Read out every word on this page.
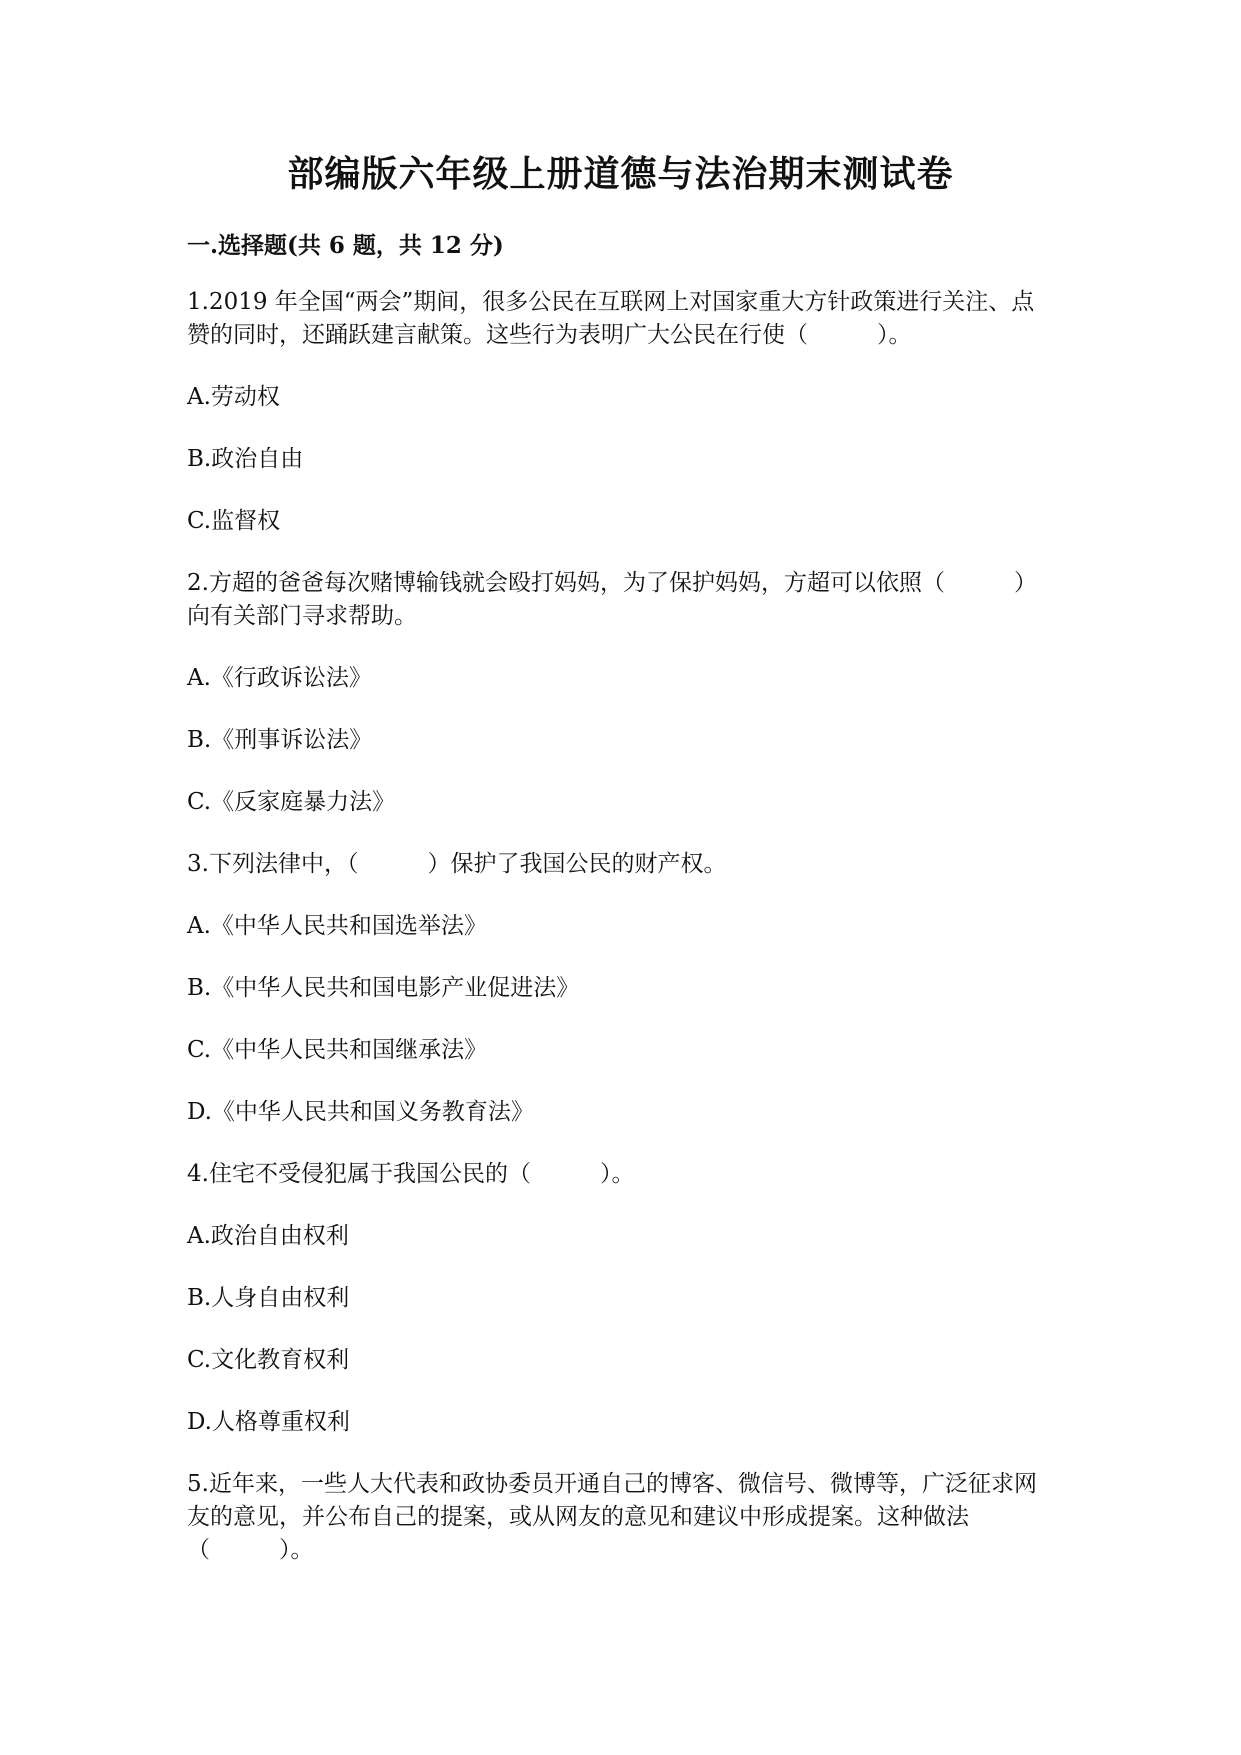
部编版六年级上册道德与法治期末测试卷
一.选择题(共 6 题，共 12 分)
1.2019 年全国“两会”期间，很多公民在互联网上对国家重大方针政策进行关注、点赞的同时，还踊跃建言献策。这些行为表明广大公民在行使（　　　）。
A.劳动权
B.政治自由
C.监督权
2.方超的爸爸每次赌博输钱就会殴打妈妈，为了保护妈妈，方超可以依照（　　　）向有关部门寻求帮助。
A.《行政诉讼法》
B.《刑事诉讼法》
C.《反家庭暴力法》
3.下列法律中，（　　　）保护了我国公民的财产权。
A.《中华人民共和国选举法》
B.《中华人民共和国电影产业促进法》
C.《中华人民共和国继承法》
D.《中华人民共和国义务教育法》
4.住宅不受侵犯属于我国公民的（　　　）。
A.政治自由权利
B.人身自由权利
C.文化教育权利
D.人格尊重权利
5.近年来，一些人大代表和政协委员开通自己的博客、微信号、微博等，广泛征求网友的意见，并公布自己的提案，或从网友的意见和建议中形成提案。这种做法（　　　）。
